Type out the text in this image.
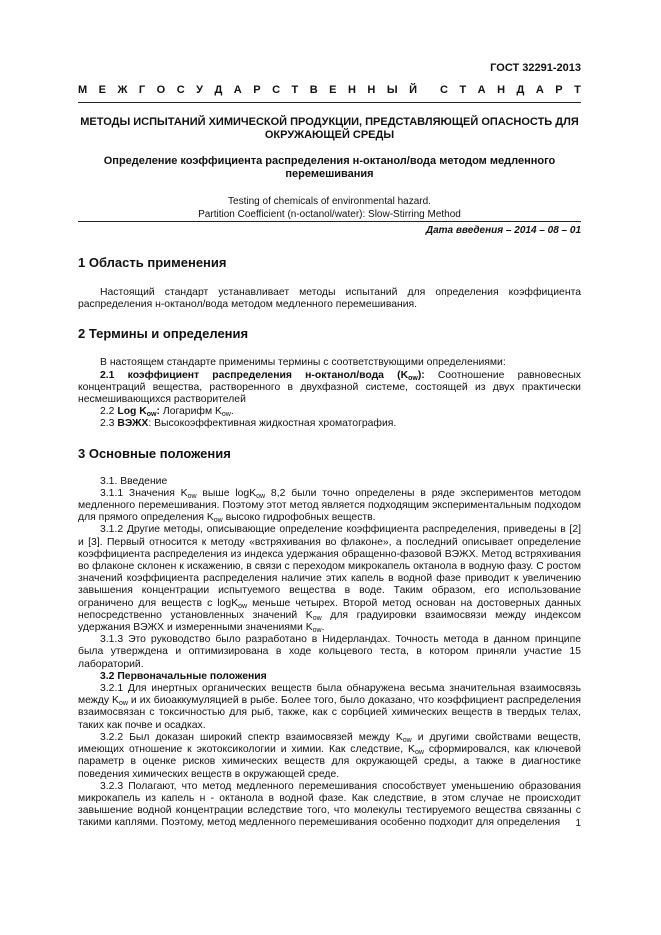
ГОСТ 32291-2013
М Е Ж Г О С У Д А Р С Т В Е Н Н Ы Й С Т А Н Д А Р Т

МЕТОДЫ ИСПЫТАНИЙ ХИМИЧЕСКОЙ ПРОДУКЦИИ, ПРЕДСТАВЛЯЮЩЕЙ ОПАСНОСТЬ ДЛЯ ОКРУЖАЮЩЕЙ СРЕДЫ

Определение коэффициента распределения н-октанол/вода методом медленного перемешивания

Testing of chemicals of environmental hazard.

Partition Coefficient (n-octanol/water): Slow-Stirring Method

Дата введения – 2014 – 08 – 01
1 Область применения

Настоящий стандарт устанавливает методы испытаний для определения коэффициента распределения н-октанол/вода методом медленного перемешивания.

2 Термины и определения

В настоящем стандарте применимы термины с соответствующими определениями:

2.1 коэффициент распределения н-октанол/вода $(K_{ow})$: Соотношение равновесных концентраций вещества, растворенного в двухфазной системе, состоящей из двух практически несмешивающихся растворителей

2.2 Log $K_{ow}$: Логарифм $K_{ow}$.

2.3 ВЭЖХ: Высокоэффективная жидкостная хроматография.

3 Основные положения

3.1. Введение

3.1.1 Значения $K_{ow}$ выше logK$_{ow}$ 8,2 были точно определены в ряде экспериментов методом медленного перемешивания. Поэтому этот метод является подходящим экспериментальным подходом для прямого определения $K_{ow}$ высоко гидрофобных веществ.

3.1.2 Другие методы, описывающие определение коэффициента распределения, приведены в [2] и [3]. Первый относится к методу «встряхивания во флаконе», а последний описывает определение коэффициента распределения из индекса удержания обращенно-фазовой ВЭЖХ. Метод встряхивания во флаконе склонен к искажению, в связи с переходом микрокапель октанола в водную фазу. С ростом значений коэффициента распределения наличие этих капель в водной фазе приводит к увеличению завышения концентрации испытуемого вещества в воде. Таким образом, его использование ограничено для веществ с logK$_{ow}$ меньше четырех. Второй метод основан на достоверных данных непосредственно установленных значений $K_{ow}$ для градуировки взаимосвязи между индексом удержания ВЭЖХ и измеренными значениями $K_{ow}$.

3.1.3 Это руководство было разработано в Нидерландах. Точность метода в данном принципе была утверждена и оптимизирована в ходе кольцевого теста, в котором приняли участие 15 лабораторий.

3.2 Первоначальные положения

3.2.1 Для инертных органических веществ была обнаружена весьма значительная взаимосвязь между $K_{ow}$ и их биоаккумуляцией в рыбе. Более того, было доказано, что коэффициент распределения взаимосвязан с токсичностью для рыб, также, как с сорбцией химических веществ в твердых телах, таких как почве и осадках.

3.2.2 Был доказан широкий спектр взаимосвязей между $K_{ow}$ и другими свойствами веществ, имеющих отношение к экотоксикологии и химии. Как следствие, $K_{ow}$ сформировался, как ключевой параметр в оценке рисков химических веществ для окружающей среды, а также в диагностике поведения химических веществ в окружающей среде.

3.2.3 Полагают, что метод медленного перемешивания способствует уменьшению образования микрокапель из капель н - октанола в водной фазе. Как следствие, в этом случае не происходит завышение водной концентрации вследствие того, что молекулы тестируемого вещества связанны с такими каплями. Поэтому, метод медленного перемешивания особенно подходит для определения	1
